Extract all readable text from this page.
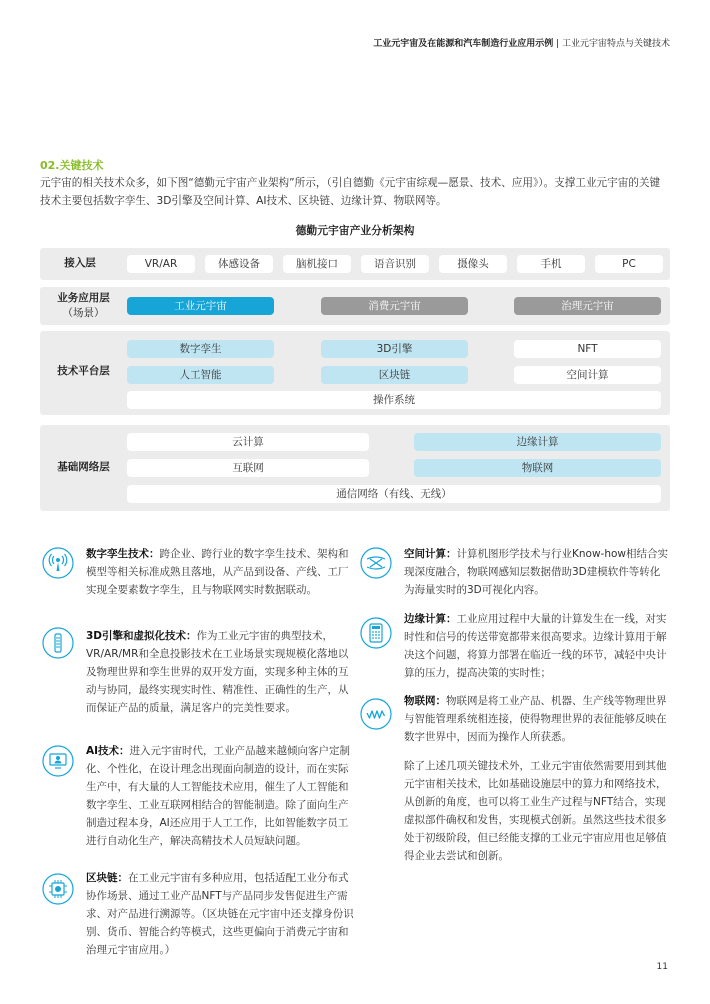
工业元宇宙及在能源和汽车制造行业应用示例 | 工业元宇宙特点与关键技术
02.关键技术
元宇宙的相关技术众多，如下图“德勤元宇宙产业架构”所示，（引自德勤《元宇宙综观—愿景、技术、应用》）。支撑工业元宇宙的关键技术主要包括数字孪生、3D引擎及空间计算、AI技术、区块链、边缘计算、物联网等。
德勤元宇宙产业分析架构
接入层	VR/AR	体感设备	脑机接口	语音识别	摄像头	手机	PC
业务应用层
（场景）
工业元宇宙	消费元宇宙	治理元宇宙
技术平台层
数字孪生	3D引擎	NFT
人工智能	区块链	空间计算
操作系统
基础网络层
云计算	边缘计算
互联网	物联网
通信网络（有线、无线）
数字孪生技术：跨企业、跨行业的数字孪生技术、架构和模型等相关标准成熟且落地，从产品到设备、产线、工厂实现全要素数字孪生，且与物联网实时数据联动。
3D引擎和虚拟化技术：作为工业元宇宙的典型技术，VR/AR/MR和全息投影技术在工业场景实现规模化落地以及物理世界和孪生世界的双开发方面，实现多种主体的互动与协同，最终实现实时性、精准性、正确性的生产，从而保证产品的质量，满足客户的完美性要求。
AI技术：进入元宇宙时代，工业产品越来越倾向客户定制化、个性化，在设计理念出现面向制造的设计，而在实际生产中，有大量的人工智能技术应用，催生了人工智能和数字孪生、工业互联网相结合的智能制造。除了面向生产制造过程本身，AI还应用于人工工作，比如智能数字员工进行自动化生产，解决高精技术人员短缺问题。
区块链：在工业元宇宙有多种应用，包括适配工业分布式协作场景、通过工业产品NFT与产品同步发售促进生产需求、对产品进行溯源等。（区块链在元宇宙中还支撑身份识别、货币、智能合约等模式，这些更偏向于消费元宇宙和治理元宇宙应用。）
空间计算：计算机图形学技术与行业Know-how相结合实现深度融合，物联网感知层数据借助3D建模软件等转化为海量实时的3D可视化内容。
边缘计算：工业应用过程中大量的计算发生在一线，对实时性和信号的传送带宽都带来很高要求。边缘计算用于解决这个问题，将算力部署在临近一线的环节，减轻中央计算的压力，提高决策的实时性；
物联网：物联网是将工业产品、机器、生产线等物理世界与智能管理系统相连接，使得物理世界的表征能够反映在数字世界中，因而为操作人所获悉。
除了上述几项关键技术外，工业元宇宙依然需要用到其他元宇宙相关技术，比如基础设施层中的算力和网络技术，从创新的角度，也可以将工业生产过程与NFT结合，实现虚拟部件确权和发售，实现模式创新。虽然这些技术很多处于初级阶段，但已经能支撑的工业元宇宙应用也足够值得企业去尝试和创新。
11
